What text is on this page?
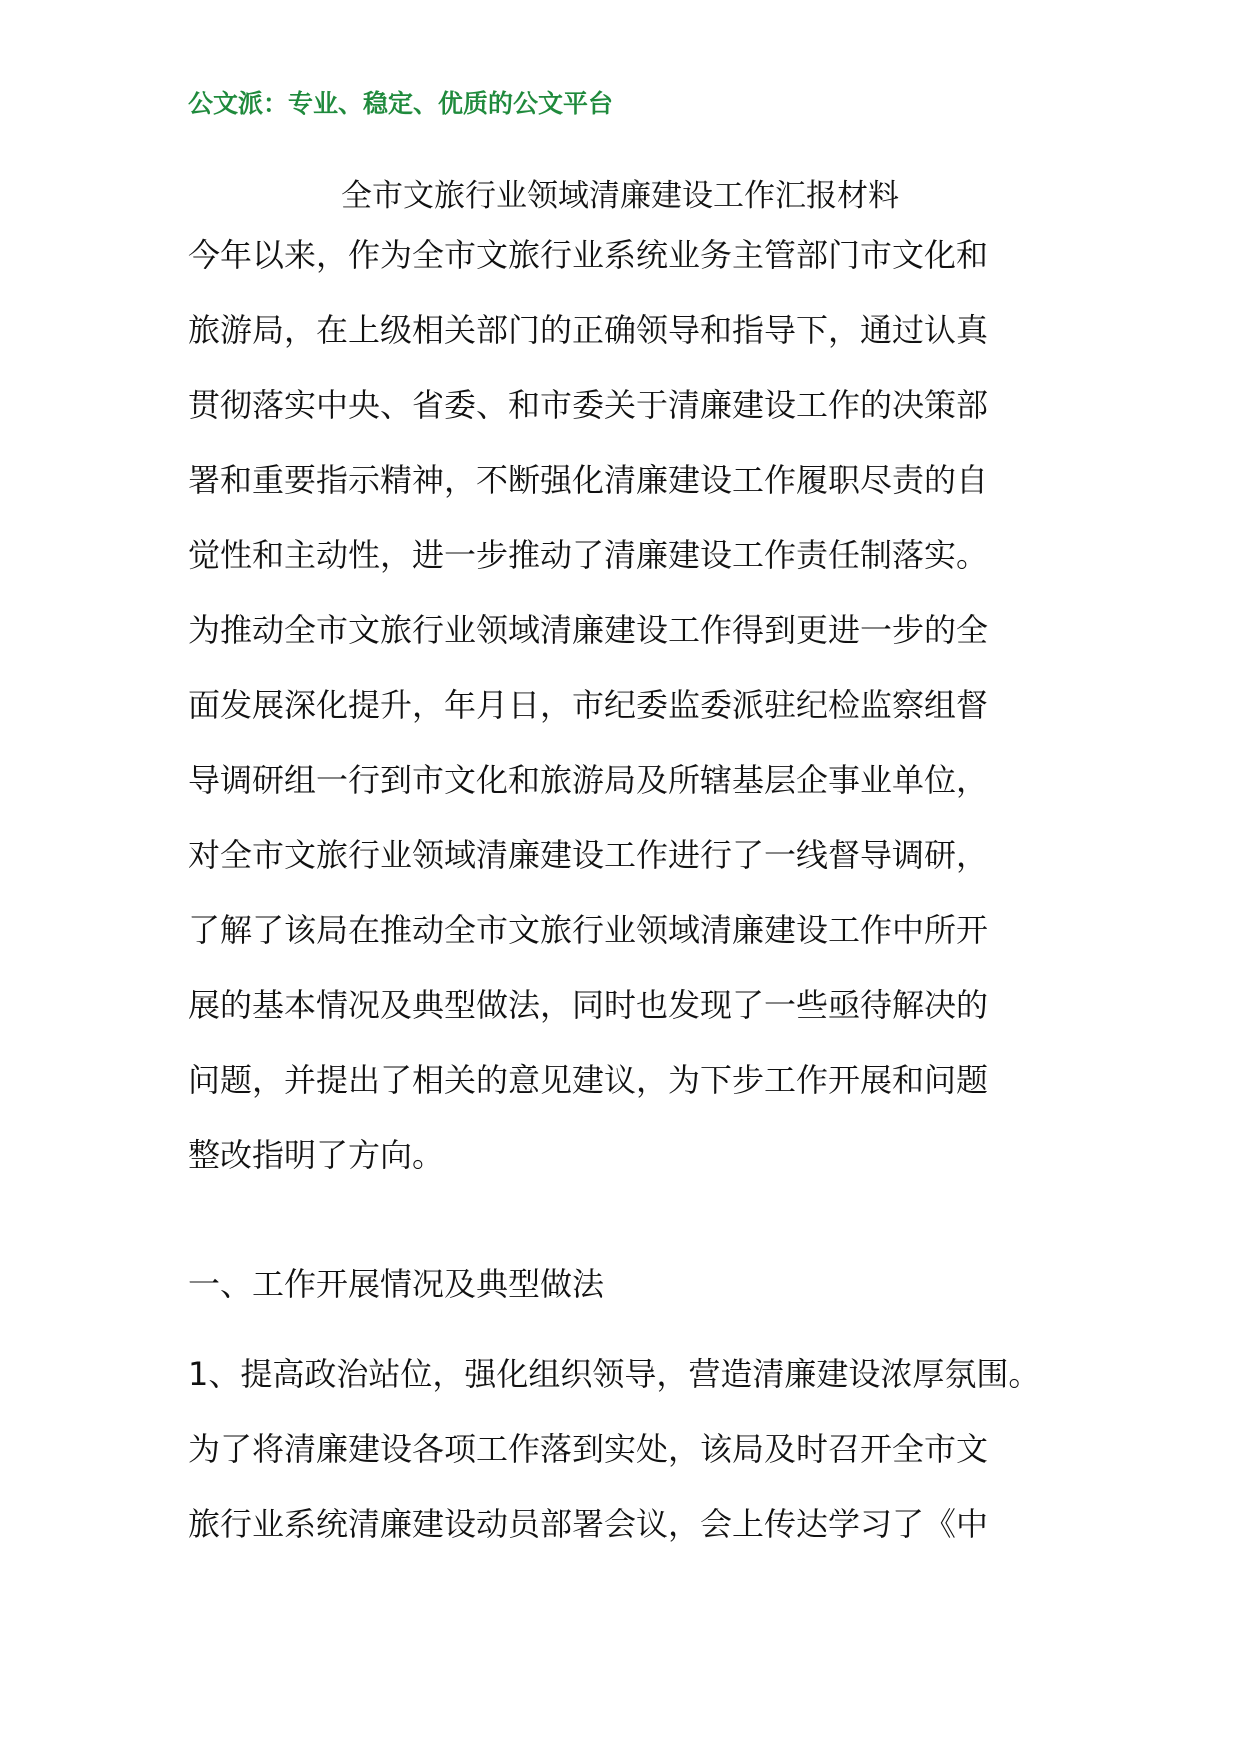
公文派：专业、稳定、优质的公文平台
全市文旅行业领域清廉建设工作汇报材料
今年以来，作为全市文旅行业系统业务主管部门市文化和
旅游局，在上级相关部门的正确领导和指导下，通过认真
贯彻落实中央、省委、和市委关于清廉建设工作的决策部
署和重要指示精神，不断强化清廉建设工作履职尽责的自
觉性和主动性，进一步推动了清廉建设工作责任制落实。
为推动全市文旅行业领域清廉建设工作得到更进一步的全
面发展深化提升，年月日，市纪委监委派驻纪检监察组督
导调研组一行到市文化和旅游局及所辖基层企事业单位，
对全市文旅行业领域清廉建设工作进行了一线督导调研，
了解了该局在推动全市文旅行业领域清廉建设工作中所开
展的基本情况及典型做法，同时也发现了一些亟待解决的
问题，并提出了相关的意见建议，为下步工作开展和问题
整改指明了方向。
一、工作开展情况及典型做法
1、提高政治站位，强化组织领导，营造清廉建设浓厚氛围。
为了将清廉建设各项工作落到实处，该局及时召开全市文
旅行业系统清廉建设动员部署会议，会上传达学习了《中
